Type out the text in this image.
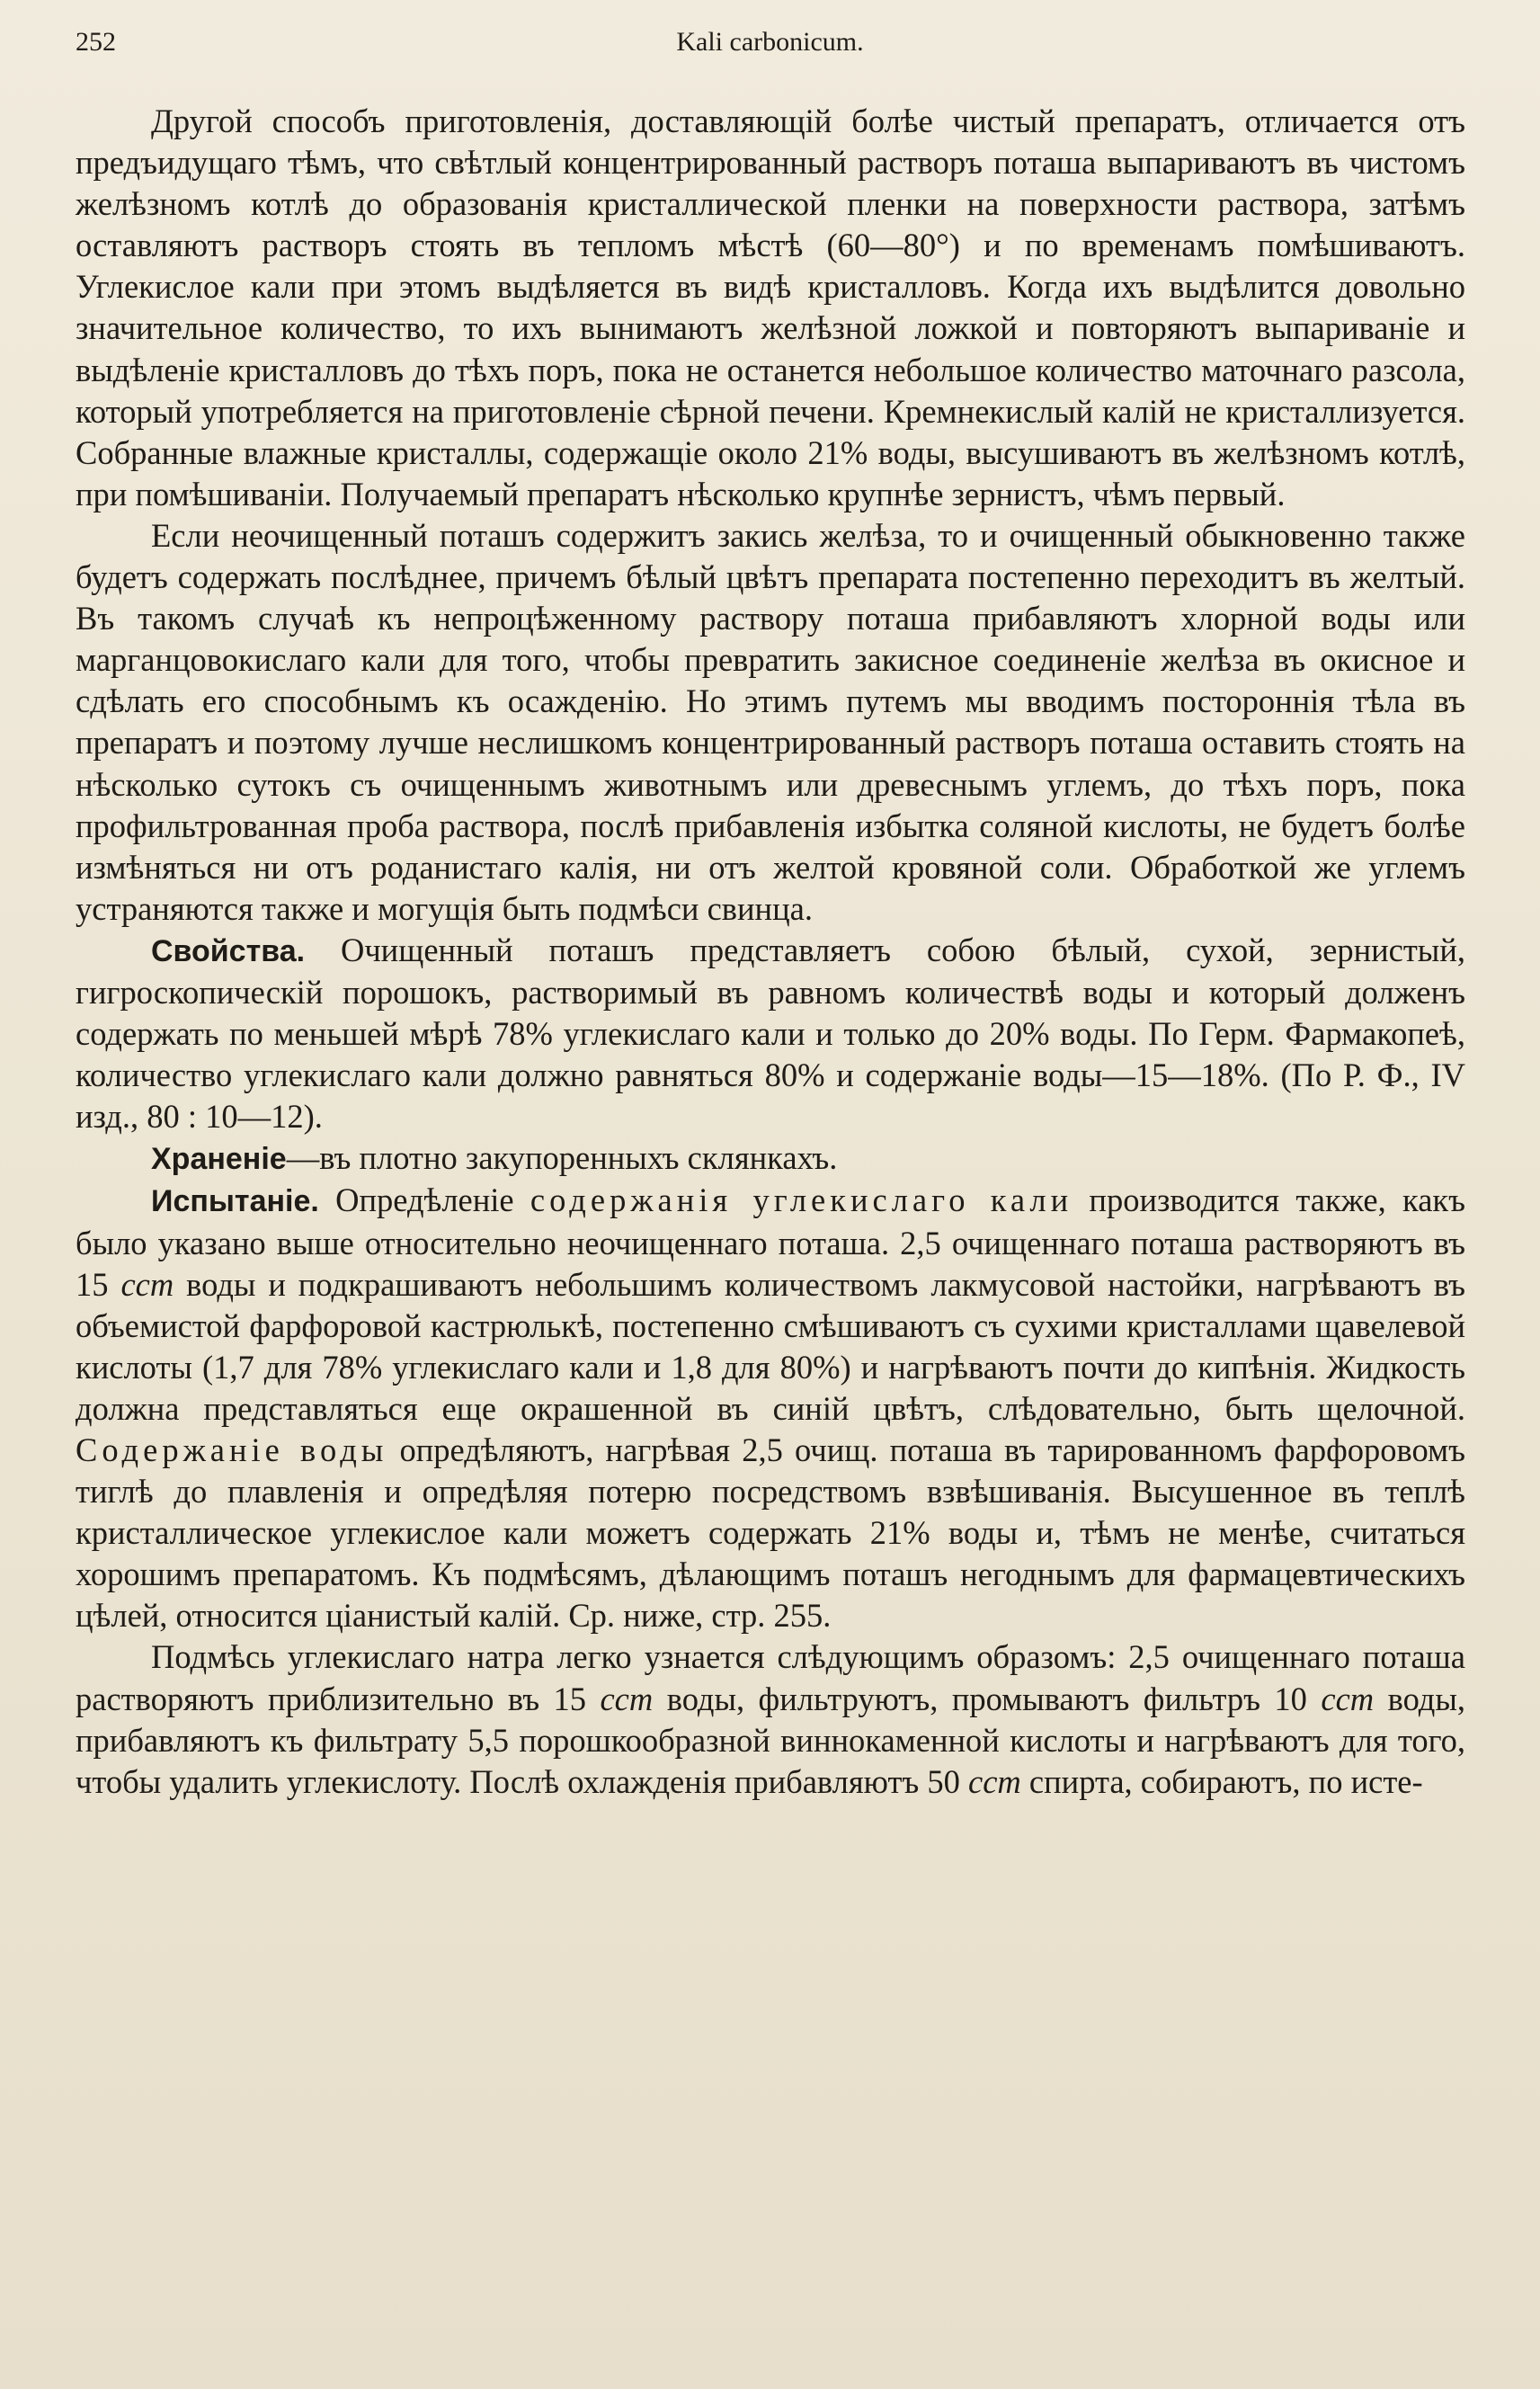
252	Kali carbonicum.

Другой способъ приготовленія, доставляющій болѣе чистый препаратъ, отличается отъ предъидущаго тѣмъ, что свѣтлый концентрированный растворъ поташа выпариваютъ въ чистомъ желѣзномъ котлѣ до образованія кристаллической пленки на поверхности раствора, затѣмъ оставляютъ растворъ стоять въ тепломъ мѣстѣ (60—80°) и по временамъ помѣшиваютъ. Углекислое кали при этомъ выдѣляется въ видѣ кристалловъ. Когда ихъ выдѣлится довольно значительное количество, то ихъ вынимаютъ желѣзной ложкой и повторяютъ выпариваніе и выдѣленіе кристалловъ до тѣхъ поръ, пока не останется небольшое количество маточнаго разсола, который употребляется на приготовленіе сѣрной печени. Кремнекислый калій не кристаллизуется. Собранные влажные кристаллы, содержащіе около 21% воды, высушиваютъ въ желѣзномъ котлѣ, при помѣшиваніи. Получаемый препаратъ нѣсколько крупнѣе зернистъ, чѣмъ первый.

Если неочищенный поташъ содержитъ закись желѣза, то и очищенный обыкновенно также будетъ содержать послѣднее, причемъ бѣлый цвѣтъ препарата постепенно переходитъ въ желтый. Въ такомъ случаѣ къ непроцѣженному раствору поташа прибавляютъ хлорной воды или марганцовокислаго кали для того, чтобы превратить закисное соединеніе желѣза въ окисное и сдѣлать его способнымъ къ осажденію. Но этимъ путемъ мы вводимъ постороннія тѣла въ препаратъ и поэтому лучше неслишкомъ концентрированный растворъ поташа оставить стоять на нѣсколько сутокъ съ очищеннымъ животнымъ или древеснымъ углемъ, до тѣхъ поръ, пока профильтрованная проба раствора, послѣ прибавленія избытка соляной кислоты, не будетъ болѣе измѣняться ни отъ роданистаго калія, ни отъ желтой кровяной соли. Обработкой же углемъ устраняются также и могущія быть подмѣси свинца.

Свойства. Очищенный поташъ представляетъ собою бѣлый, сухой, зернистый, гигроскопическій порошокъ, растворимый въ равномъ количествѣ воды и который долженъ содержать по меньшей мѣрѣ 78% углекислаго кали и только до 20% воды. По Герм. Фармакопеѣ, количество углекислаго кали должно равняться 80% и содержаніе воды—15—18%. (По Р. Ф., IV изд., 80 : 10—12).

Храненіе—въ плотно закупоренныхъ склянкахъ.

Испытаніе. Опредѣленіе содержанія углекислаго кали производится также, какъ было указано выше относительно неочищеннаго поташа. 2,5 очищеннаго поташа растворяютъ въ 15 ccm воды и подкрашиваютъ небольшимъ количествомъ лакмусовой настойки, нагрѣваютъ въ объемистой фарфоровой кастрюлькѣ, постепенно смѣшиваютъ съ сухими кристаллами щавелевой кислоты (1,7 для 78% углекислаго кали и 1,8 для 80%) и нагрѣваютъ почти до кипѣнія. Жидкость должна представляться еще окрашенной въ синій цвѣтъ, слѣдовательно, быть щелочной. Содержаніе воды опредѣляютъ, нагрѣвая 2,5 очищ. поташа въ тарированномъ фарфоровомъ тиглѣ до плавленія и опредѣляя потерю посредствомъ взвѣшиванія. Высушенное въ теплѣ кристаллическое углекислое кали можетъ содержать 21% воды и, тѣмъ не менѣе, считаться хорошимъ препаратомъ. Къ подмѣсямъ, дѣлающимъ поташъ негоднымъ для фармацевтическихъ цѣлей, относится ціанистый калій. Ср. ниже, стр. 255.

Подмѣсь углекислаго натра легко узнается слѣдующимъ образомъ: 2,5 очищеннаго поташа растворяютъ приблизительно въ 15 ccm воды, фильтруютъ, промываютъ фильтръ 10 ccm воды, прибавляютъ къ фильтрату 5,5 порошкообразной виннокаменной кислоты и нагрѣваютъ для того, чтобы удалить углекислоту. Послѣ охлажденія прибавляютъ 50 ccm спирта, собираютъ, по исте-
